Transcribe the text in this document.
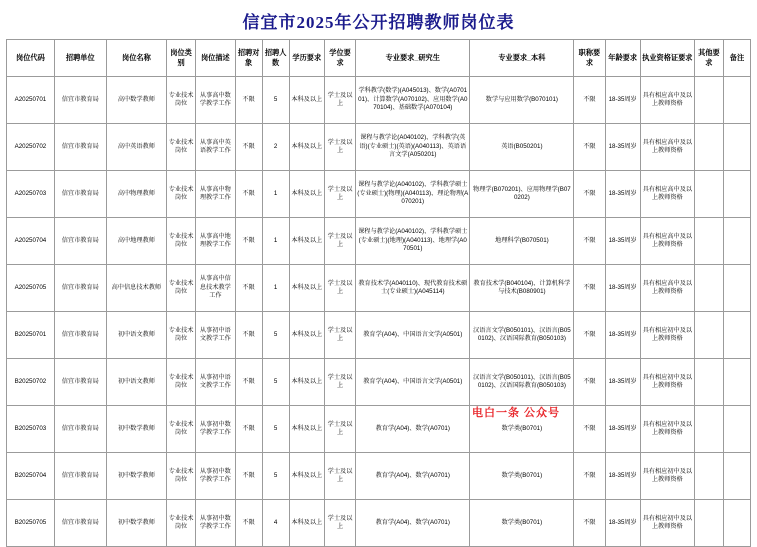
信宜市2025年公开招聘教师岗位表
岗位代码	招聘单位	岗位名称	岗位类别	岗位描述	招聘对象	招聘人数	学历要求	学位要求	专业要求_研究生	专业要求_本科	职称要求	年龄要求	执业资格证要求	其他要求	备注
A20250701	信宜市教育局	高中数学教师	专业技术岗位	从事高中数学教学工作	不限	5	本科及以上	学士及以上	学科教学(数学)(A045013)、数学(A070101)、计算数学(A070102)、应用数学(A070104)、基础数学(A070104)	数学与应用数学(B070101)	不限	18-35周岁	具有相应高中及以上教师资格		
A20250702	信宜市教育局	高中英语教师	专业技术岗位	从事高中英语教学工作	不限	2	本科及以上	学士及以上	课程与教学论(A040102)、学科教学(英语)(专业硕士)(英语)(A040113)、英语语言文学(A050201)	英语(B050201)	不限	18-35周岁	具有相应高中及以上教师资格		
A20250703	信宜市教育局	高中物理教师	专业技术岗位	从事高中物理教学工作	不限	1	本科及以上	学士及以上	课程与教学论(A040102)、学科教学硕士(专业硕士)(物理)(A040113)、理论物理(A070201)	物理学(B070201)、应用物理学(B070202)	不限	18-35周岁	具有相应高中及以上教师资格		
A20250704	信宜市教育局	高中地理教师	专业技术岗位	从事高中地理教学工作	不限	1	本科及以上	学士及以上	课程与教学论(A040102)、学科教学硕士(专业硕士)(地理)(A040113)、地理学(A070501)	地理科学(B070501)	不限	18-35周岁	具有相应高中及以上教师资格		
A20250705	信宜市教育局	高中信息技术教师	专业技术岗位	从事高中信息技术教学工作	不限	1	本科及以上	学士及以上	教育技术学(A040110)、现代教育技术硕士(专业硕士)(A045114)	教育技术学(B040104)、计算机科学与技术(B080901)	不限	18-35周岁	具有相应高中及以上教师资格		
B20250701	信宜市教育局	初中语文教师	专业技术岗位	从事初中语文教学工作	不限	5	本科及以上	学士及以上	教育学(A04)、中国语言文学(A0501)	汉语言文学(B050101)、汉语言(B050102)、汉语国际教育(B050103)	不限	18-35周岁	具有相应初中及以上教师资格		
B20250702	信宜市教育局	初中语文教师	专业技术岗位	从事初中语文教学工作	不限	5	本科及以上	学士及以上	教育学(A04)、中国语言文学(A0501)	汉语言文学(B050101)、汉语言(B050102)、汉语国际教育(B050103)	不限	18-35周岁	具有相应初中及以上教师资格		
B20250703	信宜市教育局	初中数学教师	专业技术岗位	从事初中数学教学工作	不限	5	本科及以上	学士及以上	教育学(A04)、数学(A0701)	数学类(B0701)	不限	18-35周岁	具有相应初中及以上教师资格		
B20250704	信宜市教育局	初中数学教师	专业技术岗位	从事初中数学教学工作	不限	5	本科及以上	学士及以上	教育学(A04)、数学(A0701)	数学类(B0701)	不限	18-35周岁	具有相应初中及以上教师资格		
B20250705	信宜市教育局	初中数学教师	专业技术岗位	从事初中数学教学工作	不限	4	本科及以上	学士及以上	教育学(A04)、数学(A0701)	数学类(B0701)	不限	18-35周岁	具有相应初中及以上教师资格		
电白一条 公众号
